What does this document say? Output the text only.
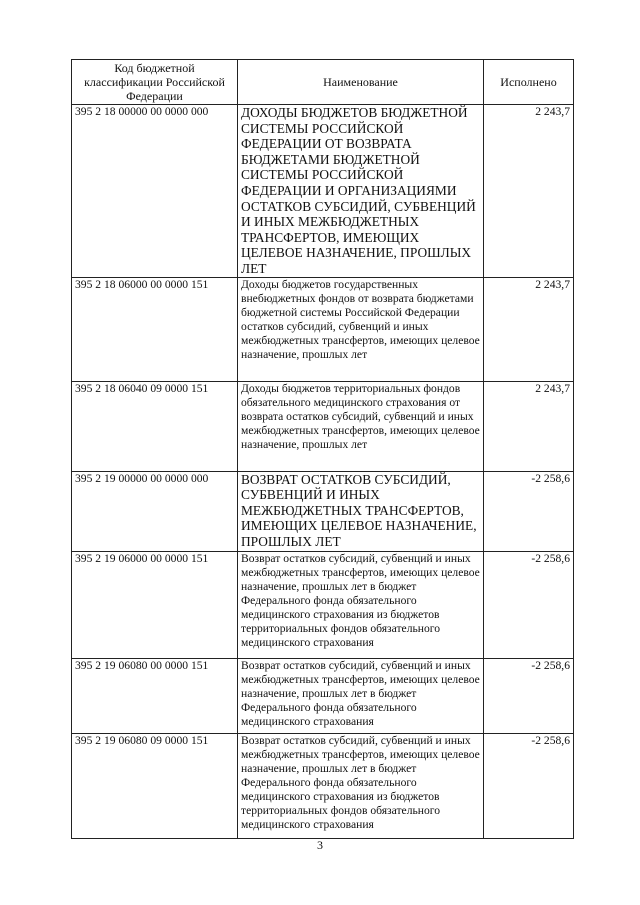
Код бюджетной классификации Российской Федерации	Наименование	Исполнено
395 2 18 00000 00 0000 000	ДОХОДЫ БЮДЖЕТОВ БЮДЖЕТНОЙ СИСТЕМЫ РОССИЙСКОЙ ФЕДЕРАЦИИ ОТ ВОЗВРАТА БЮДЖЕТАМИ БЮДЖЕТНОЙ СИСТЕМЫ РОССИЙСКОЙ ФЕДЕРАЦИИ И ОРГАНИЗАЦИЯМИ ОСТАТКОВ СУБСИДИЙ, СУБВЕНЦИЙ И ИНЫХ МЕЖБЮДЖЕТНЫХ ТРАНСФЕРТОВ, ИМЕЮЩИХ ЦЕЛЕВОЕ НАЗНАЧЕНИЕ, ПРОШЛЫХ ЛЕТ	2 243,7
395 2 18 06000 00 0000 151	Доходы бюджетов государственных внебюджетных фондов от возврата бюджетами бюджетной системы Российской Федерации остатков субсидий, субвенций и иных межбюджетных трансфертов, имеющих целевое назначение, прошлых лет	2 243,7
395 2 18 06040 09 0000 151	Доходы бюджетов территориальных фондов обязательного медицинского страхования от возврата остатков субсидий, субвенций и иных межбюджетных трансфертов, имеющих целевое назначение, прошлых лет	2 243,7
395 2 19 00000 00 0000 000	ВОЗВРАТ ОСТАТКОВ СУБСИДИЙ, СУБВЕНЦИЙ И ИНЫХ МЕЖБЮДЖЕТНЫХ ТРАНСФЕРТОВ, ИМЕЮЩИХ ЦЕЛЕВОЕ НАЗНАЧЕНИЕ, ПРОШЛЫХ ЛЕТ	-2 258,6
395 2 19 06000 00 0000 151	Возврат остатков субсидий, субвенций и иных межбюджетных трансфертов, имеющих целевое назначение, прошлых лет в бюджет Федерального фонда обязательного медицинского страхования из бюджетов территориальных фондов обязательного медицинского страхования	-2 258,6
395 2 19 06080 00 0000 151	Возврат остатков субсидий, субвенций и иных межбюджетных трансфертов, имеющих целевое назначение, прошлых лет в бюджет Федерального фонда обязательного медицинского страхования	-2 258,6
395 2 19 06080 09 0000 151	Возврат остатков субсидий, субвенций и иных межбюджетных трансфертов, имеющих целевое назначение, прошлых лет в бюджет Федерального фонда обязательного медицинского страхования из бюджетов территориальных фондов обязательного медицинского страхования	-2 258,6
3
